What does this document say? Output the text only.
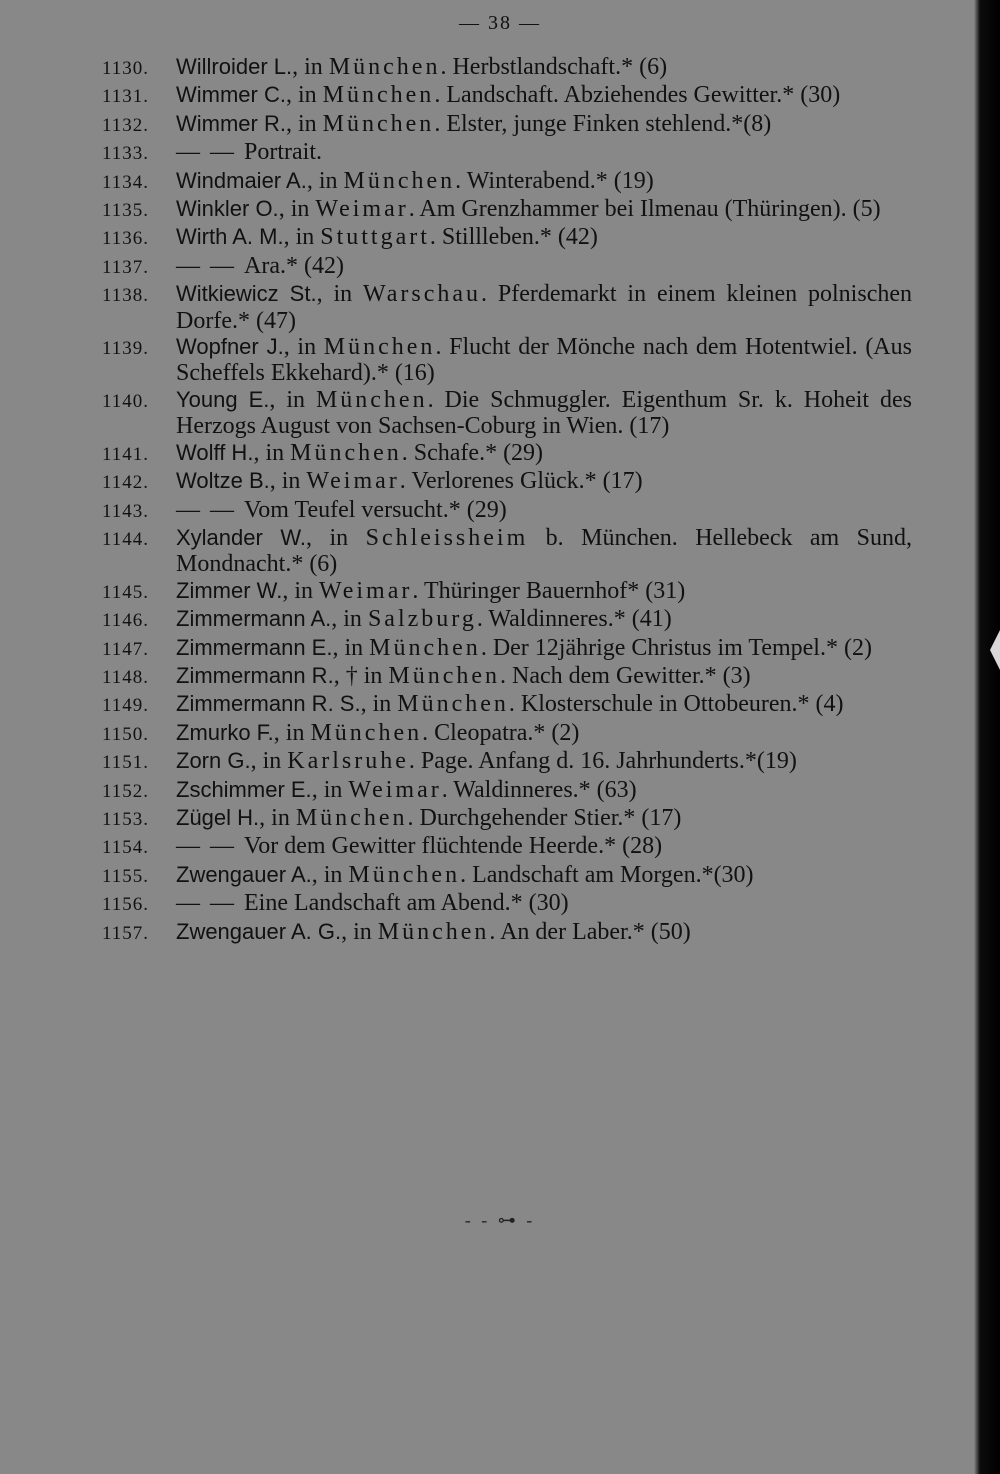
— 38 —
1130.	Willroider L., in München. Herbstlandschaft.* (6)
1131.	Wimmer C., in München. Landschaft. Abziehendes Gewitter.* (30)
1132.	Wimmer R., in München. Elster, junge Finken stehlend.*(8)
1133.	— — Portrait.
1134.	Windmaier A., in München. Winterabend.* (19)
1135.	Winkler O., in Weimar. Am Grenzhammer bei Ilmenau (Thüringen). (5)
1136.	Wirth A. M., in Stuttgart. Stillleben.* (42)
1137.	— — Ara.* (42)
1138.	Witkiewicz St., in Warschau. Pferdemarkt in einem kleinen polnischen Dorfe.* (47)
1139.	Wopfner J., in München. Flucht der Mönche nach dem Hotentwiel. (Aus Scheffels Ekkehard).* (16)
1140.	Young E., in München. Die Schmuggler. Eigenthum Sr. k. Hoheit des Herzogs August von Sachsen-Coburg in Wien. (17)
1141.	Wolff H., in München. Schafe.* (29)
1142.	Woltze B., in Weimar. Verlorenes Glück.* (17)
1143.	— — Vom Teufel versucht.* (29)
1144.	Xylander W., in Schleissheim b. München. Hellebeck am Sund, Mondnacht.* (6)
1145.	Zimmer W., in Weimar. Thüringer Bauernhof* (31)
1146.	Zimmermann A., in Salzburg. Waldinneres.* (41)
1147.	Zimmermann E., in München. Der 12jährige Christus im Tempel.* (2)
1148.	Zimmermann R., † in München. Nach dem Gewitter.* (3)
1149.	Zimmermann R. S., in München. Klosterschule in Ottobeuren.* (4)
1150.	Zmurko F., in München. Cleopatra.* (2)
1151.	Zorn G., in Karlsruhe. Page. Anfang d. 16. Jahrhunderts.*(19)
1152.	Zschimmer E., in Weimar. Waldinneres.* (63)
1153.	Zügel H., in München. Durchgehender Stier.* (17)
1154.	— — Vor dem Gewitter flüchtende Heerde.* (28)
1155.	Zwengauer A., in München. Landschaft am Morgen.*(30)
1156.	— — Eine Landschaft am Abend.* (30)
1157.	Zwengauer A. G., in München. An der Laber.* (50)
- - ⊶ -
